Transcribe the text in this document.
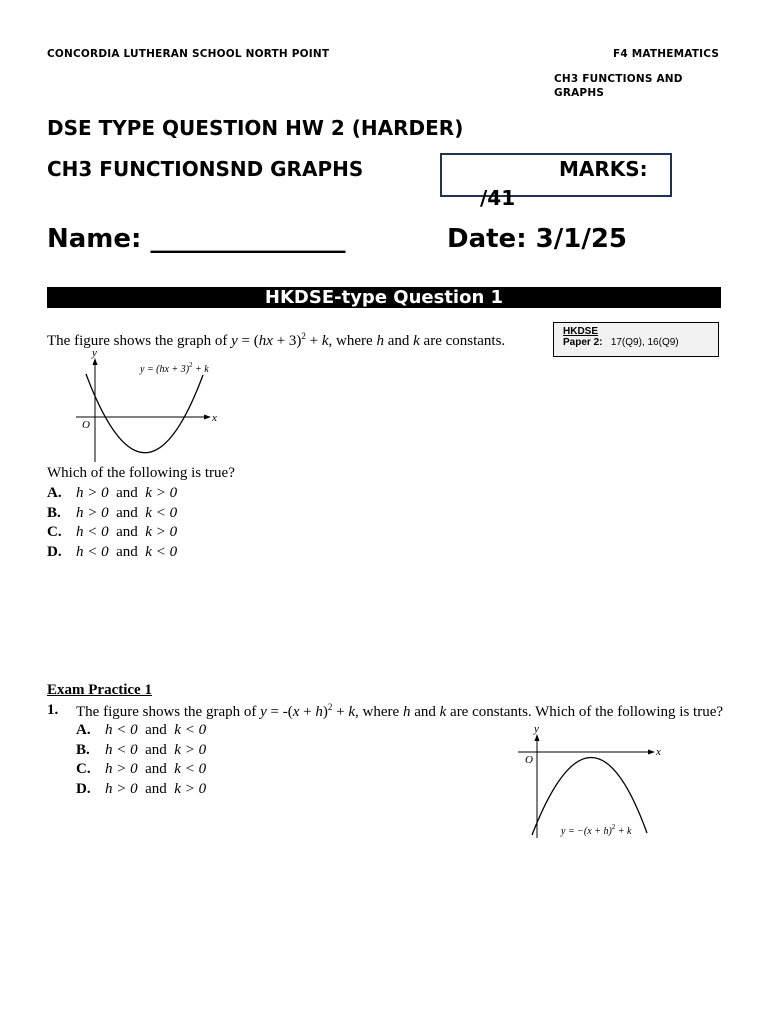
CONCORDIA LUTHERAN SCHOOL NORTH POINT	F4 MATHEMATICS
CH3 FUNCTIONS AND
GRAPHS
DSE TYPE QUESTION HW 2 (HARDER)
CH3 FUNCTIONSND GRAPHS	MARKS:
/41
Name: _______________	Date: 3/1/25
HKDSE-type Question 1
HKDSE
Paper 2: 17(Q9), 16(Q9)
The figure shows the graph of y = (hx + 3)$^2$ + k, where h and k are constants.
y
x
O
y = (hx + 3)$^2$ + k
Which of the following is true?
A. h > 0 and k > 0
B. h > 0 and k < 0
C. h < 0 and k > 0
D. h < 0 and k < 0
Exam Practice 1
1. The figure shows the graph of $y = -(x + h)^2 + k$, where h and k are constants. Which of the following is true?
A. h < 0 and k < 0
B. h < 0 and k > 0
C. h > 0 and k < 0
D. h > 0 and k > 0
y
x
O
$y = -(x + h)^2 + k$
